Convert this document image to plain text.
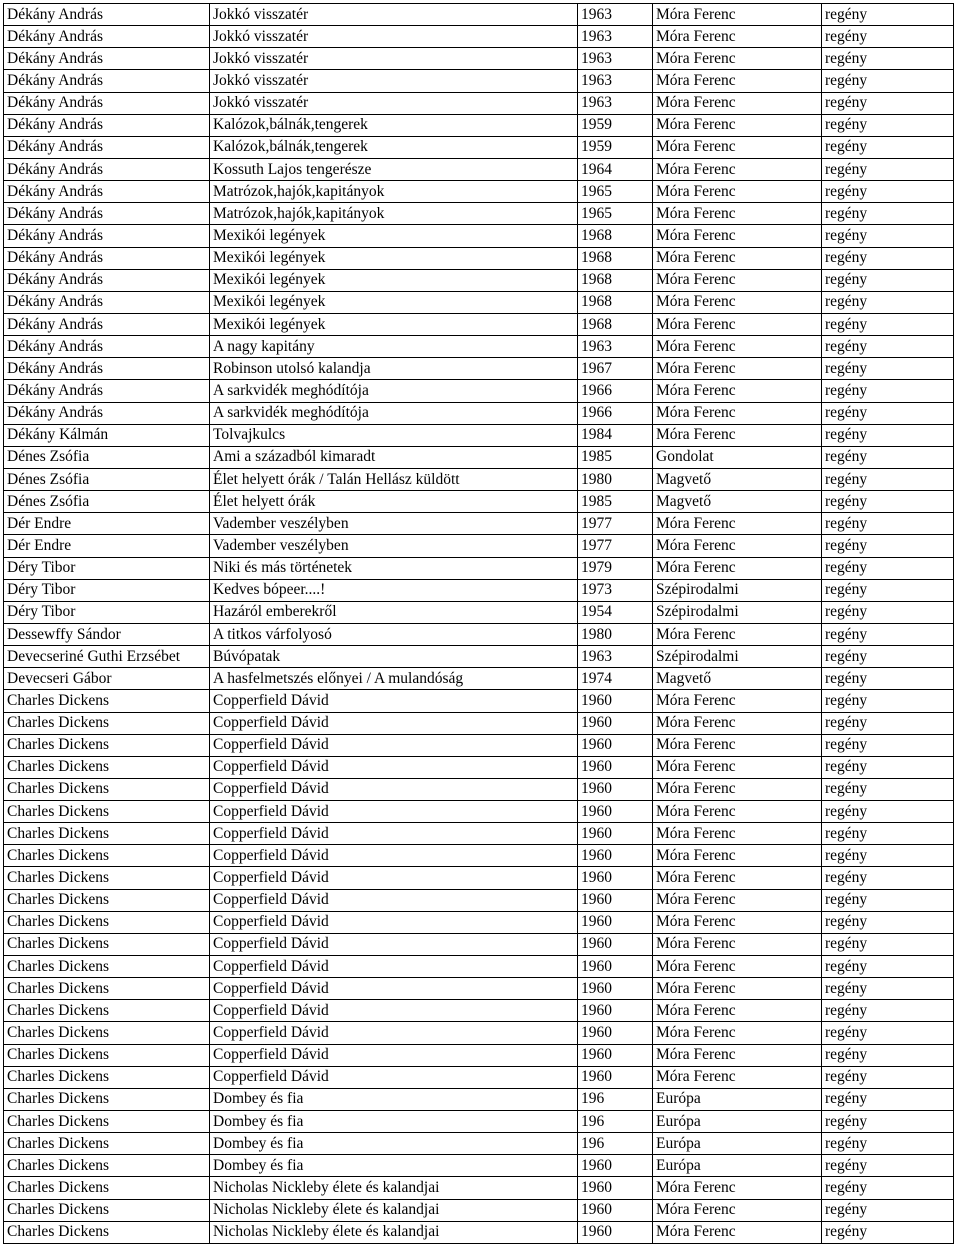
Dékány András	Jokkó visszatér	1963	Móra Ferenc	regény
Dékány András	Jokkó visszatér	1963	Móra Ferenc	regény
Dékány András	Jokkó visszatér	1963	Móra Ferenc	regény
Dékány András	Jokkó visszatér	1963	Móra Ferenc	regény
Dékány András	Jokkó visszatér	1963	Móra Ferenc	regény
Dékány András	Kalózok,bálnák,tengerek	1959	Móra Ferenc	regény
Dékány András	Kalózok,bálnák,tengerek	1959	Móra Ferenc	regény
Dékány András	Kossuth Lajos tengerésze	1964	Móra Ferenc	regény
Dékány András	Matrózok,hajók,kapitányok	1965	Móra Ferenc	regény
Dékány András	Matrózok,hajók,kapitányok	1965	Móra Ferenc	regény
Dékány András	Mexikói legények	1968	Móra Ferenc	regény
Dékány András	Mexikói legények	1968	Móra Ferenc	regény
Dékány András	Mexikói legények	1968	Móra Ferenc	regény
Dékány András	Mexikói legények	1968	Móra Ferenc	regény
Dékány András	Mexikói legények	1968	Móra Ferenc	regény
Dékány András	A nagy kapitány	1963	Móra Ferenc	regény
Dékány András	Robinson utolsó kalandja	1967	Móra Ferenc	regény
Dékány András	A sarkvidék meghódítója	1966	Móra Ferenc	regény
Dékány András	A sarkvidék meghódítója	1966	Móra Ferenc	regény
Dékány Kálmán	Tolvajkulcs	1984	Móra Ferenc	regény
Dénes Zsófia	Ami a századból kimaradt	1985	Gondolat	regény
Dénes Zsófia	Élet helyett órák / Talán Hellász küldött	1980	Magvető	regény
Dénes Zsófia	Élet helyett órák	1985	Magvető	regény
Dér Endre	Vadember veszélyben	1977	Móra Ferenc	regény
Dér Endre	Vadember veszélyben	1977	Móra Ferenc	regény
Déry Tibor	Niki és más történetek	1979	Móra Ferenc	regény
Déry Tibor	Kedves bópeer....!	1973	Szépirodalmi	regény
Déry Tibor	Hazáról emberekről	1954	Szépirodalmi	regény
Dessewffy Sándor	A titkos várfolyosó	1980	Móra Ferenc	regény
Devecseriné Guthi Erzsébet	Búvópatak	1963	Szépirodalmi	regény
Devecseri Gábor	A hasfelmetszés előnyei / A mulandóság	1974	Magvető	regény
Charles Dickens	Copperfield Dávid	1960	Móra Ferenc	regény
Charles Dickens	Copperfield Dávid	1960	Móra Ferenc	regény
Charles Dickens	Copperfield Dávid	1960	Móra Ferenc	regény
Charles Dickens	Copperfield Dávid	1960	Móra Ferenc	regény
Charles Dickens	Copperfield Dávid	1960	Móra Ferenc	regény
Charles Dickens	Copperfield Dávid	1960	Móra Ferenc	regény
Charles Dickens	Copperfield Dávid	1960	Móra Ferenc	regény
Charles Dickens	Copperfield Dávid	1960	Móra Ferenc	regény
Charles Dickens	Copperfield Dávid	1960	Móra Ferenc	regény
Charles Dickens	Copperfield Dávid	1960	Móra Ferenc	regény
Charles Dickens	Copperfield Dávid	1960	Móra Ferenc	regény
Charles Dickens	Copperfield Dávid	1960	Móra Ferenc	regény
Charles Dickens	Copperfield Dávid	1960	Móra Ferenc	regény
Charles Dickens	Copperfield Dávid	1960	Móra Ferenc	regény
Charles Dickens	Copperfield Dávid	1960	Móra Ferenc	regény
Charles Dickens	Copperfield Dávid	1960	Móra Ferenc	regény
Charles Dickens	Copperfield Dávid	1960	Móra Ferenc	regény
Charles Dickens	Copperfield Dávid	1960	Móra Ferenc	regény
Charles Dickens	Dombey és fia	196	Európa	regény
Charles Dickens	Dombey és fia	196	Európa	regény
Charles Dickens	Dombey és fia	196	Európa	regény
Charles Dickens	Dombey és fia	1960	Európa	regény
Charles Dickens	Nicholas Nickleby élete és kalandjai	1960	Móra Ferenc	regény
Charles Dickens	Nicholas Nickleby élete és kalandjai	1960	Móra Ferenc	regény
Charles Dickens	Nicholas Nickleby élete és kalandjai	1960	Móra Ferenc	regény
